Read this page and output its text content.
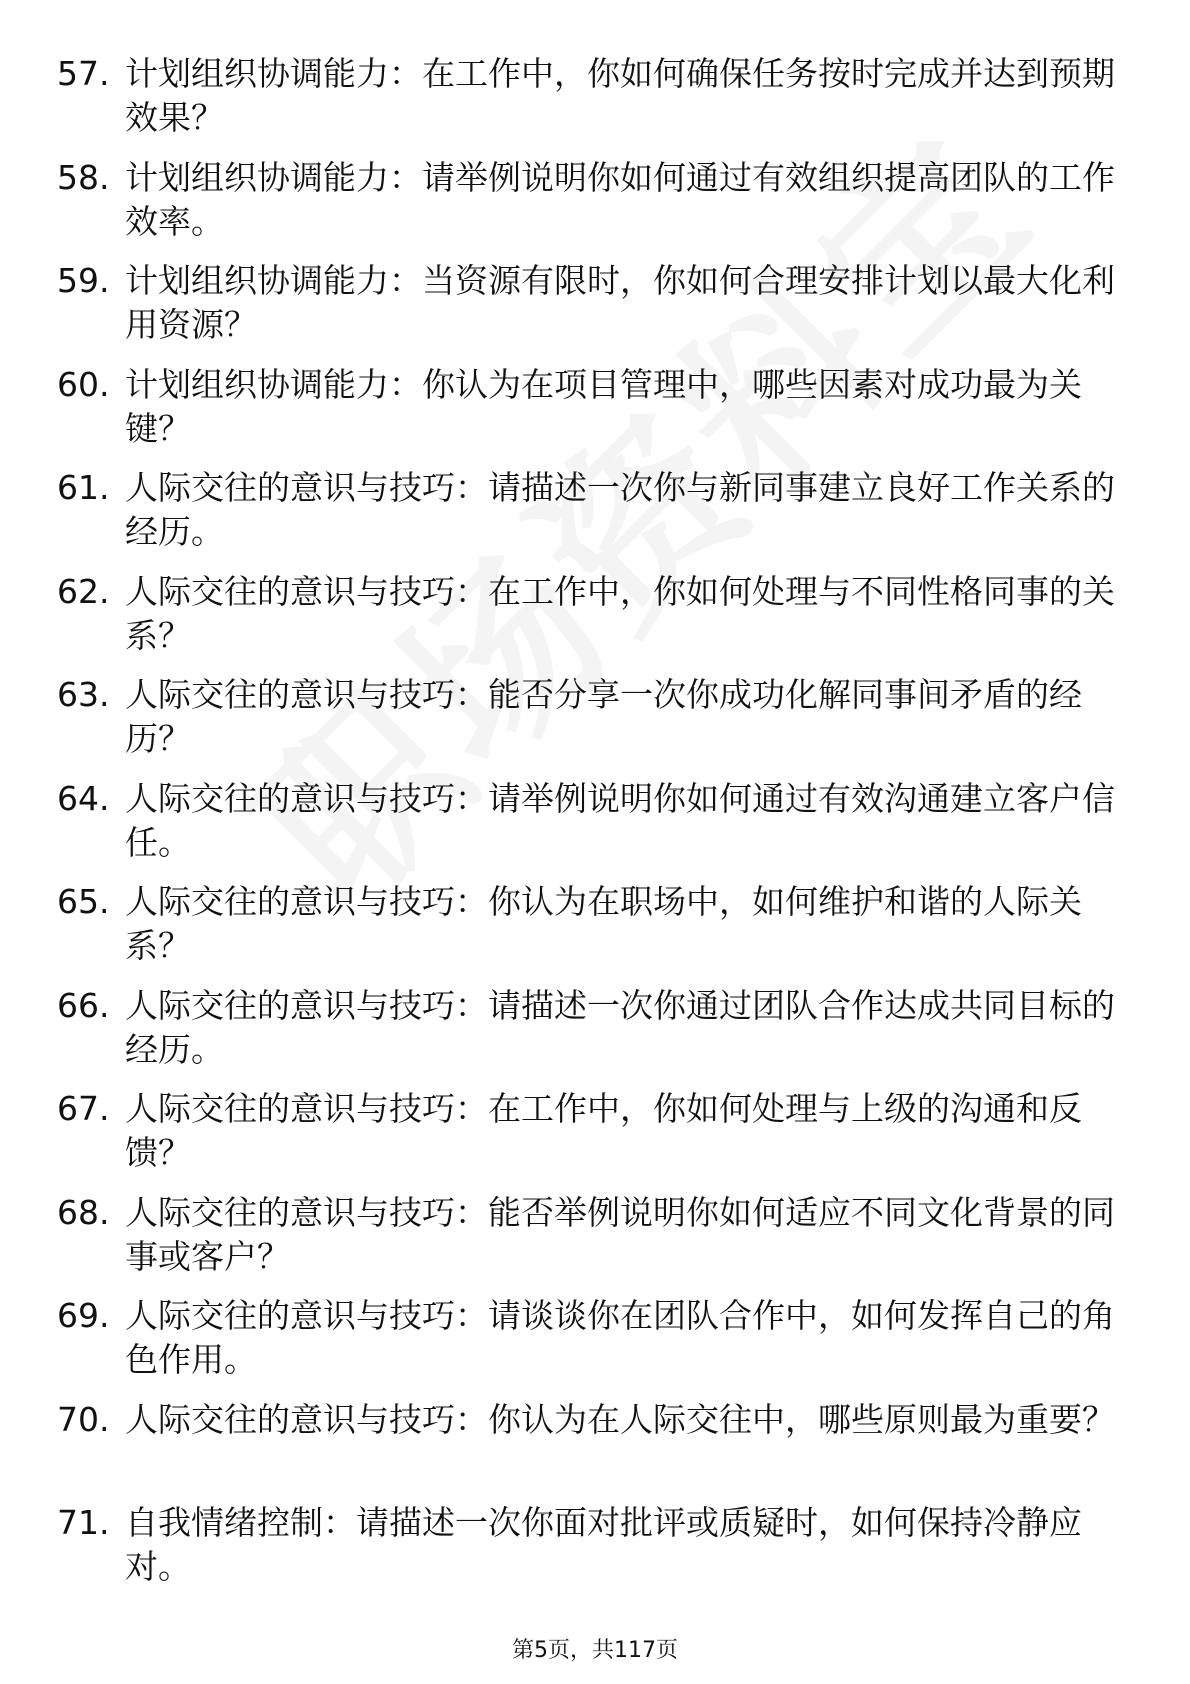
57. 计划组织协调能力：在工作中，你如何确保任务按时完成并达到预期效果？
58. 计划组织协调能力：请举例说明你如何通过有效组织提高团队的工作效率。
59. 计划组织协调能力：当资源有限时，你如何合理安排计划以最大化利用资源？
60. 计划组织协调能力：你认为在项目管理中，哪些因素对成功最为关键？
61. 人际交往的意识与技巧：请描述一次你与新同事建立良好工作关系的经历。
62. 人际交往的意识与技巧：在工作中，你如何处理与不同性格同事的关系？
63. 人际交往的意识与技巧：能否分享一次你成功化解同事间矛盾的经历？
64. 人际交往的意识与技巧：请举例说明你如何通过有效沟通建立客户信任。
65. 人际交往的意识与技巧：你认为在职场中，如何维护和谐的人际关系？
66. 人际交往的意识与技巧：请描述一次你通过团队合作达成共同目标的经历。
67. 人际交往的意识与技巧：在工作中，你如何处理与上级的沟通和反馈？
68. 人际交往的意识与技巧：能否举例说明你如何适应不同文化背景的同事或客户？
69. 人际交往的意识与技巧：请谈谈你在团队合作中，如何发挥自己的角色作用。
70. 人际交往的意识与技巧：你认为在人际交往中，哪些原则最为重要？
71. 自我情绪控制：请描述一次你面对批评或质疑时，如何保持冷静应对。
第5页，共117页
